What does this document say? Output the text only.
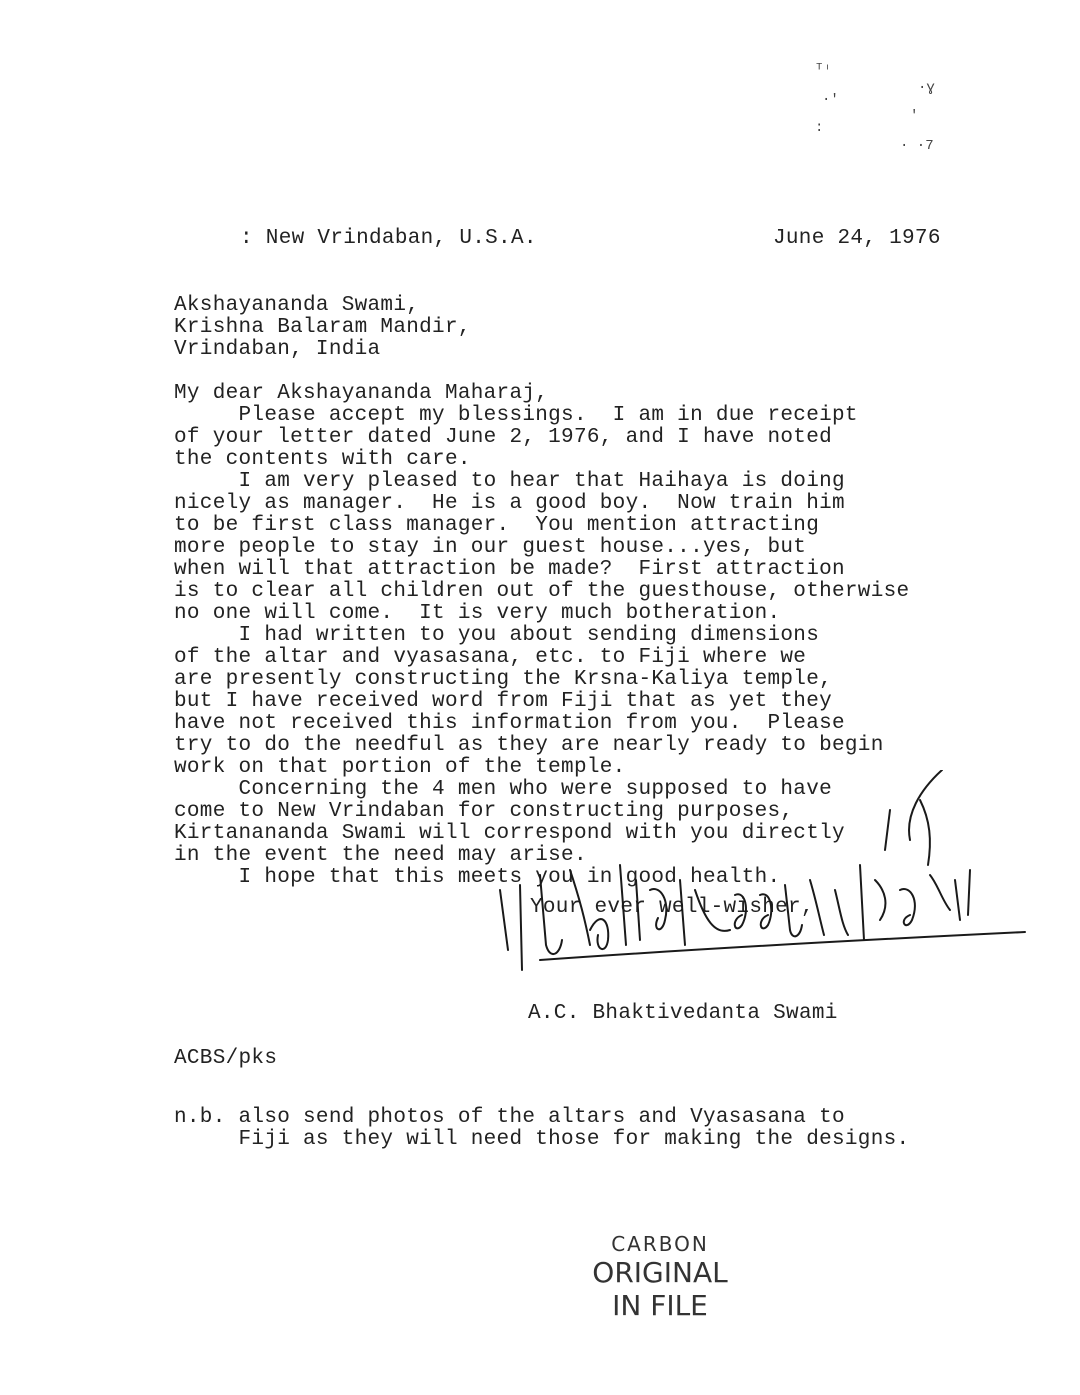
ᵀᶦ
·ɣ
·'
'
:
· ·7
: New Vrindaban, U.S.A.	June 24, 1976
Akshayananda Swami,
Krishna Balaram Mandir,
Vrindaban, India
My dear Akshayananda Maharaj,
Please accept my blessings.  I am in due receipt
of your letter dated June 2, 1976, and I have noted
the contents with care.
I am very pleased to hear that Haihaya is doing
nicely as manager.  He is a good boy.  Now train him
to be first class manager.  You mention attracting
more people to stay in our guest house...yes, but
when will that attraction be made?  First attraction
is to clear all children out of the guesthouse, otherwise
no one will come.  It is very much botheration.
I had written to you about sending dimensions
of the altar and vyasasana, etc. to Fiji where we
are presently constructing the Krsna-Kaliya temple,
but I have received word from Fiji that as yet they
have not received this information from you.  Please
try to do the needful as they are nearly ready to begin
work on that portion of the temple.
Concerning the 4 men who were supposed to have
come to New Vrindaban for constructing purposes,
Kirtanananda Swami will correspond with you directly
in the event the need may arise.
I hope that this meets you in good health.
Your ever well-wisher,
A.C. Bhaktivedanta Swami
ACBS/pks
n.b. also send photos of the altars and Vyasasana to
Fiji as they will need those for making the designs.
CARBON
ORIGINAL
IN FILE
